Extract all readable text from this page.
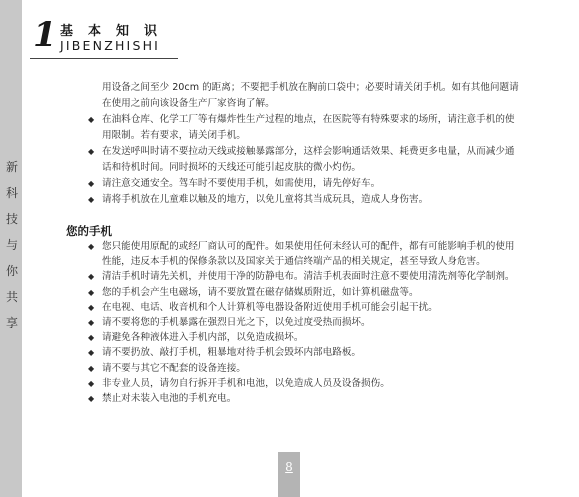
新
科
技
与
你
共
享
1 基本知识
JIBENZHISHI

用设备之间至少 20cm 的距离；不要把手机放在胸前口袋中；必要时请关闭手机。如有其他问题请在使用之前向该设备生产厂家咨询了解。

◆ 在油料仓库、化学工厂等有爆炸性生产过程的地点，在医院等有特殊要求的场所，请注意手机的使用限制。若有要求，请关闭手机。

◆ 在发送呼叫时请不要拉动天线或接触暴露部分，这样会影响通话效果、耗费更多电量，从而减少通话和待机时间。同时损坏的天线还可能引起皮肤的微小灼伤。

◆ 请注意交通安全。驾车时不要使用手机，如需使用，请先停好车。

◆ 请将手机放在儿童难以触及的地方，以免儿童将其当成玩具，造成人身伤害。

您的手机

◆ 您只能使用原配的或经厂商认可的配件。如果使用任何未经认可的配件，都有可能影响手机的使用性能，违反本手机的保修条款以及国家关于通信终端产品的相关规定，甚至导致人身危害。

◆ 清洁手机时请先关机，并使用干净的防静电布。清洁手机表面时注意不要使用清洗剂等化学制剂。

◆ 您的手机会产生电磁场，请不要放置在磁存储媒质附近，如计算机磁盘等。

◆ 在电视、电话、收音机和个人计算机等电器设备附近使用手机可能会引起干扰。

◆ 请不要将您的手机暴露在强烈日光之下，以免过度受热而损坏。

◆ 请避免各种液体进入手机内部，以免造成损坏。

◆ 请不要扔放、敲打手机，粗暴地对待手机会毁坏内部电路板。

◆ 请不要与其它不配套的设备连接。

◆ 非专业人员，请勿自行拆开手机和电池，以免造成人员及设备损伤。

◆ 禁止对未装入电池的手机充电。

8
